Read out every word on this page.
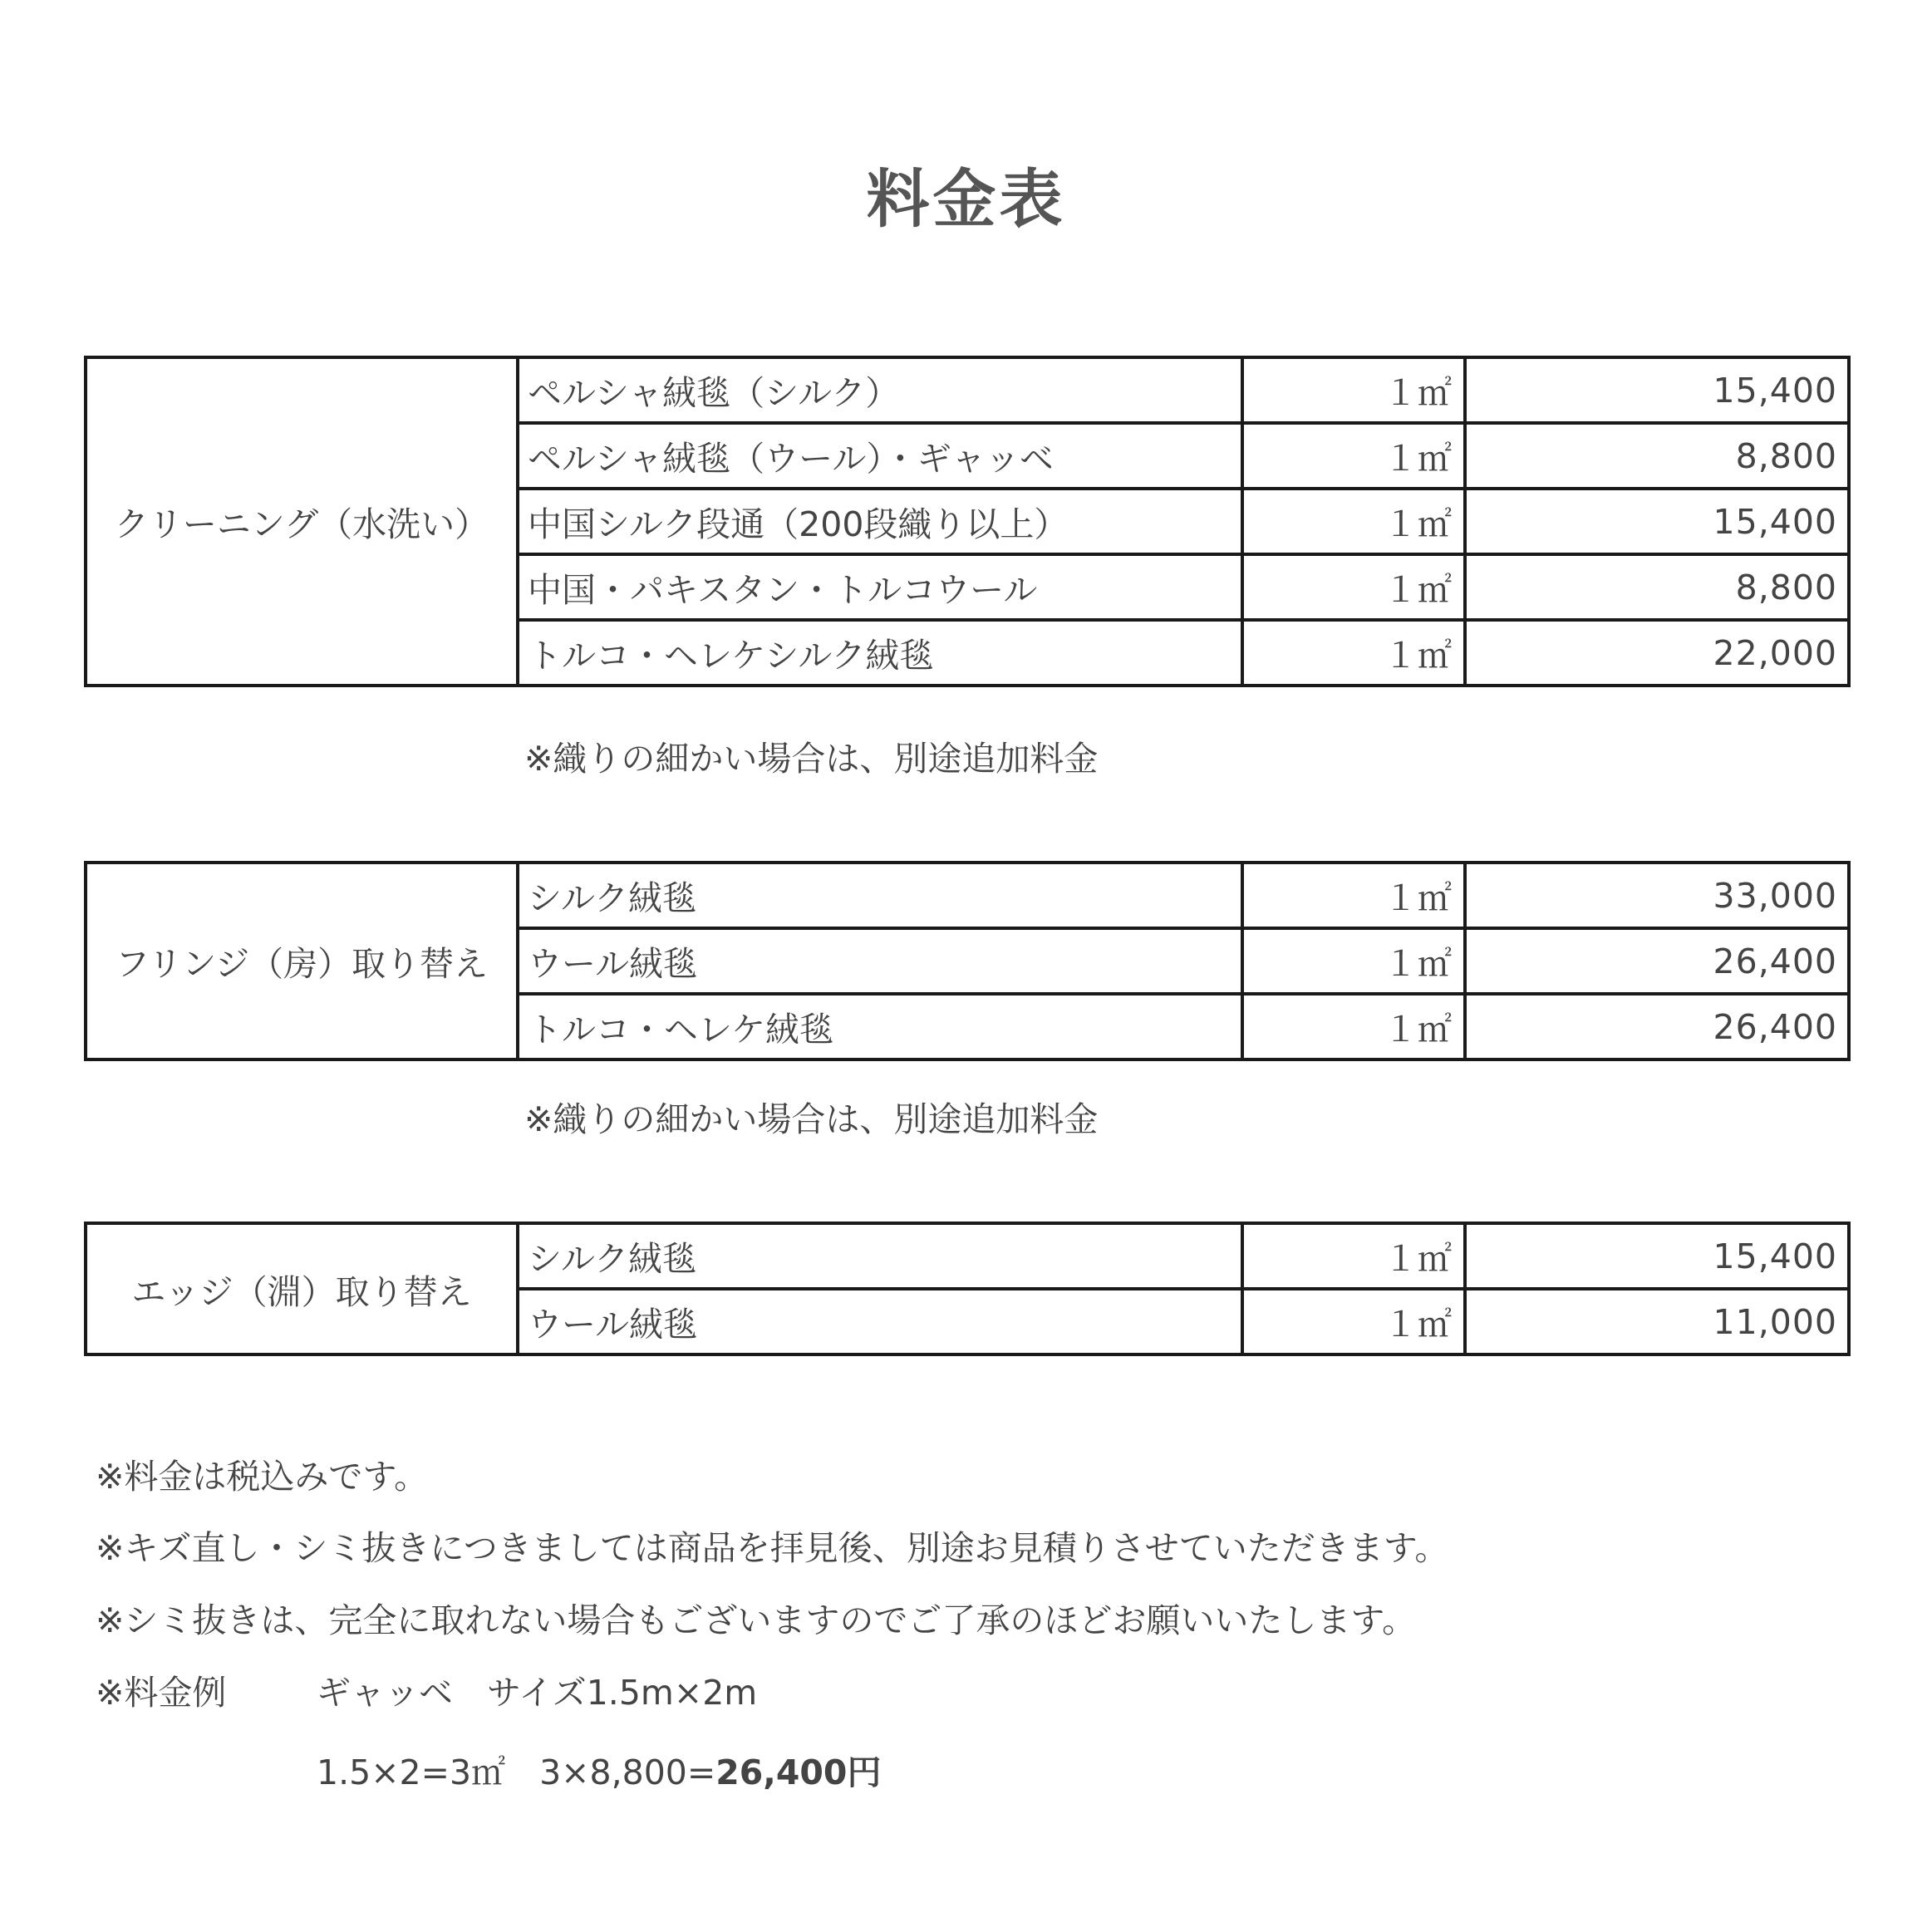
料金表
クリーニング（水洗い）	ペルシャ絨毯（シルク）	１㎡	15,400
	ペルシャ絨毯（ウール）・ギャッベ	１㎡	8,800
	中国シルク段通（200段織り以上）	１㎡	15,400
	中国・パキスタン・トルコウール	１㎡	8,800
	トルコ・ヘレケシルク絨毯	１㎡	22,000
※織りの細かい場合は、別途追加料金
フリンジ（房）取り替え	シルク絨毯	１㎡	33,000
	ウール絨毯	１㎡	26,400
	トルコ・ヘレケ絨毯	１㎡	26,400
※織りの細かい場合は、別途追加料金
エッジ（淵）取り替え	シルク絨毯	１㎡	15,400
	ウール絨毯	１㎡	11,000
※料金は税込みです。
※キズ直し・シミ抜きにつきましては商品を拝見後、別途お見積りさせていただきます。
※シミ抜きは、完全に取れない場合もございますのでご了承のほどお願いいたします。
※料金例	ギャッベ　サイズ1.5m×2m
1.5×2=3㎡　3×8,800=26,400円
